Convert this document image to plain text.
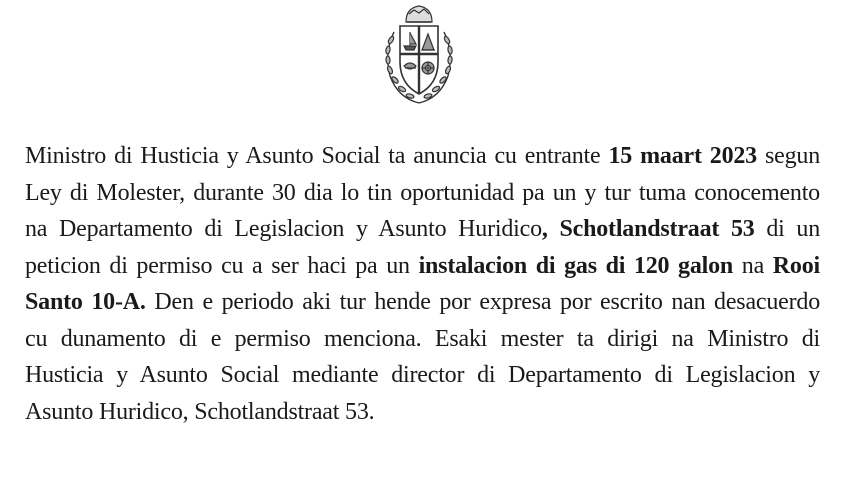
Ministro di Husticia y Asunto Social ta anuncia cu entrante 15 maart 2023 segun
Ley di Molester, durante 30 dia lo tin oportunidad pa un y tur tuma conocemento
na Departamento di Legislacion y Asunto Huridico, Schotlandstraat 53 di un
peticion di permiso cu a ser haci pa un instalacion di gas di 120 galon na Rooi
Santo 10-A. Den e periodo aki tur hende por expresa por escrito nan desacuerdo
cu dunamento di e permiso menciona. Esaki mester ta dirigi na Ministro di
Husticia y Asunto Social mediante director di Departamento di Legislacion y
Asunto Huridico, Schotlandstraat 53.
